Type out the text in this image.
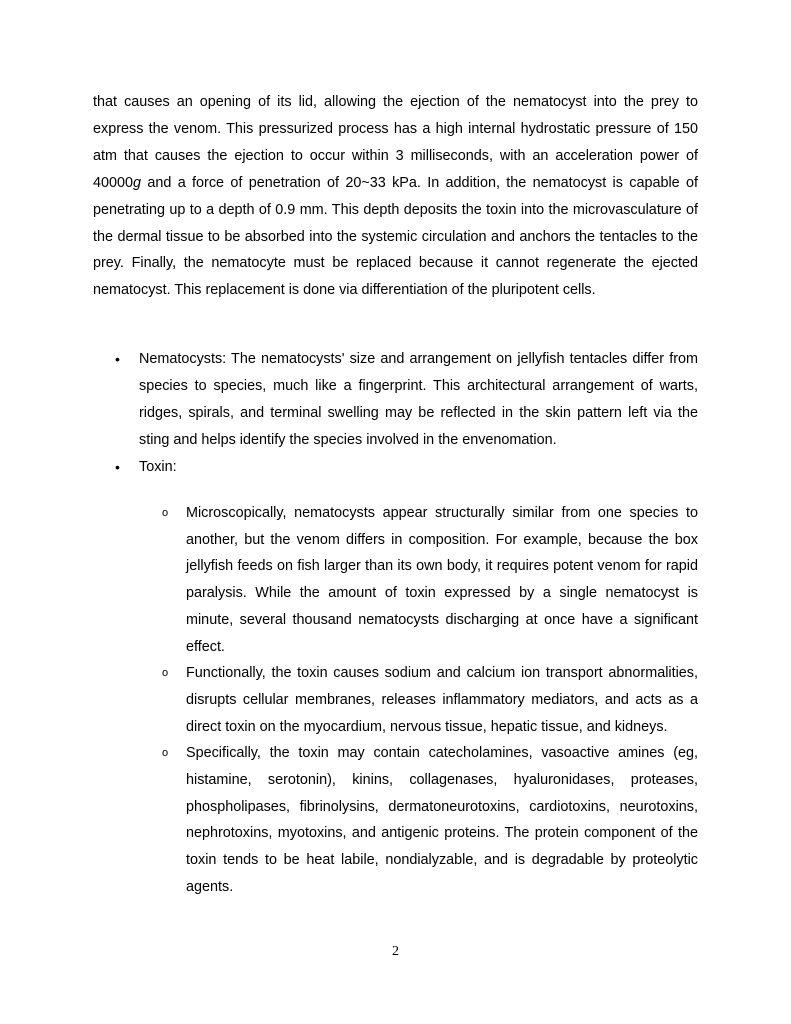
that causes an opening of its lid, allowing the ejection of the nematocyst into the prey to express the venom. This pressurized process has a high internal hydrostatic pressure of 150 atm that causes the ejection to occur within 3 milliseconds, with an acceleration power of 40000g and a force of penetration of 20~33 kPa. In addition, the nematocyst is capable of penetrating up to a depth of 0.9 mm. This depth deposits the toxin into the microvasculature of the dermal tissue to be absorbed into the systemic circulation and anchors the tentacles to the prey. Finally, the nematocyte must be replaced because it cannot regenerate the ejected nematocyst. This replacement is done via differentiation of the pluripotent cells.

• Nematocysts: The nematocysts' size and arrangement on jellyfish tentacles differ from species to species, much like a fingerprint. This architectural arrangement of warts, ridges, spirals, and terminal swelling may be reflected in the skin pattern left via the sting and helps identify the species involved in the envenomation.
• Toxin:
o Microscopically, nematocysts appear structurally similar from one species to another, but the venom differs in composition. For example, because the box jellyfish feeds on fish larger than its own body, it requires potent venom for rapid paralysis. While the amount of toxin expressed by a single nematocyst is minute, several thousand nematocysts discharging at once have a significant effect.
o Functionally, the toxin causes sodium and calcium ion transport abnormalities, disrupts cellular membranes, releases inflammatory mediators, and acts as a direct toxin on the myocardium, nervous tissue, hepatic tissue, and kidneys.
o Specifically, the toxin may contain catecholamines, vasoactive amines (eg, histamine, serotonin), kinins, collagenases, hyaluronidases, proteases, phospholipases, fibrinolysins, dermatoneurotoxins, cardiotoxins, neurotoxins, nephrotoxins, myotoxins, and antigenic proteins. The protein component of the toxin tends to be heat labile, nondialyzable, and is degradable by proteolytic agents.
2
